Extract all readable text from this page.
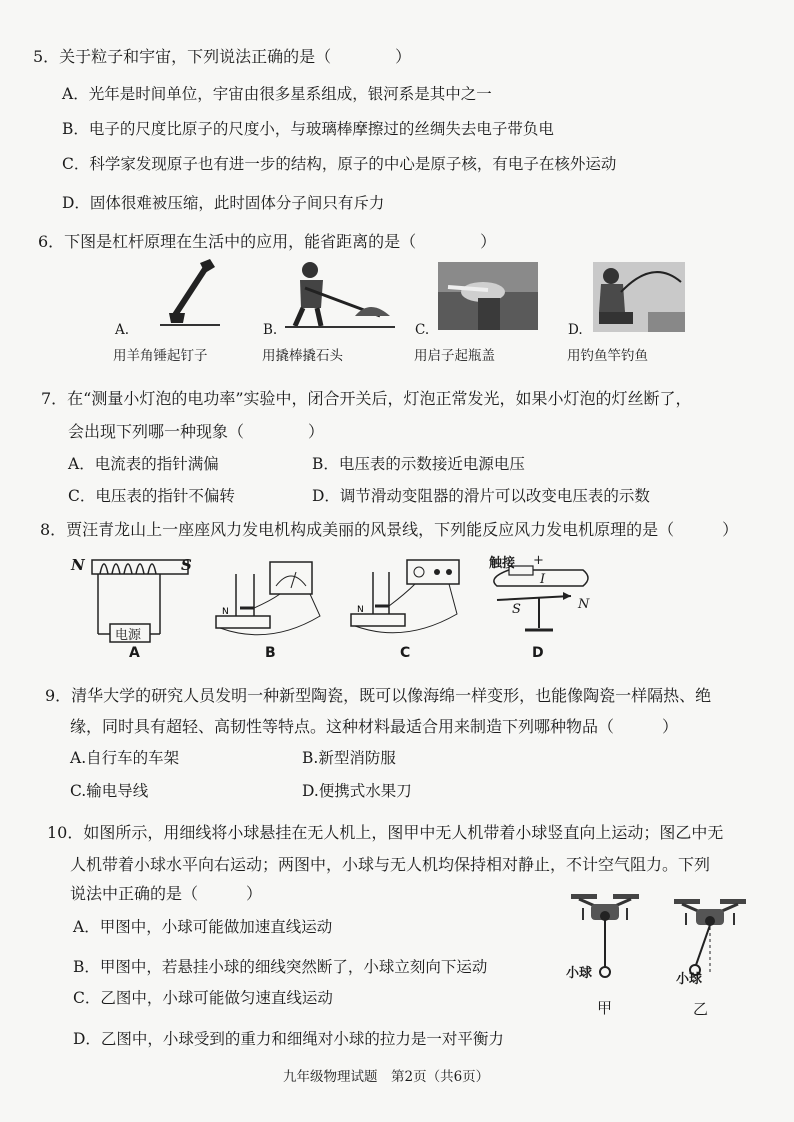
5．关于粒子和宇宙，下列说法正确的是（　　　　）
A．光年是时间单位，宇宙由很多星系组成，银河系是其中之一
B．电子的尺度比原子的尺度小，与玻璃棒摩擦过的丝绸失去电子带负电
C．科学家发现原子也有进一步的结构，原子的中心是原子核，有电子在核外运动
D．固体很难被压缩，此时固体分子间只有斥力
6．下图是杠杆原理在生活中的应用，能省距离的是（　　　　）
A.
用羊角锤起钉子
B.
用撬棒撬石头
C.
用启子起瓶盖
D.
用钓鱼竿钓鱼
7．在“测量小灯泡的电功率”实验中，闭合开关后，灯泡正常发光，如果小灯泡的灯丝断了，
会出现下列哪一种现象（　　　　）
A．电流表的指针满偏	B．电压表的示数接近电源电压
C．电压表的指针不偏转	D．调节滑动变阻器的滑片可以改变电压表的示数
8．贾汪青龙山上一座座风力发电机构成美丽的风景线，下列能反应风力发电机原理的是（　　　）
N	S
电源
N	N
触接 +
I
S	N
A	B	C	D
9．清华大学的研究人员发明一种新型陶瓷，既可以像海绵一样变形，也能像陶瓷一样隔热、绝
缘，同时具有超轻、高韧性等特点。这种材料最适合用来制造下列哪种物品（　　　）
A.自行车的车架	B.新型消防服
C.输电导线	D.便携式水果刀
10．如图所示，用细线将小球悬挂在无人机上，图甲中无人机带着小球竖直向上运动；图乙中无
人机带着小球水平向右运动；两图中，小球与无人机均保持相对静止，不计空气阻力。下列
说法中正确的是（　　　）
A．甲图中，小球可能做加速直线运动
B．甲图中，若悬挂小球的细线突然断了，小球立刻向下运动
C．乙图中，小球可能做匀速直线运动
D．乙图中，小球受到的重力和细绳对小球的拉力是一对平衡力
小球	小球
甲	乙
九年级物理试题　第2页（共6页）
